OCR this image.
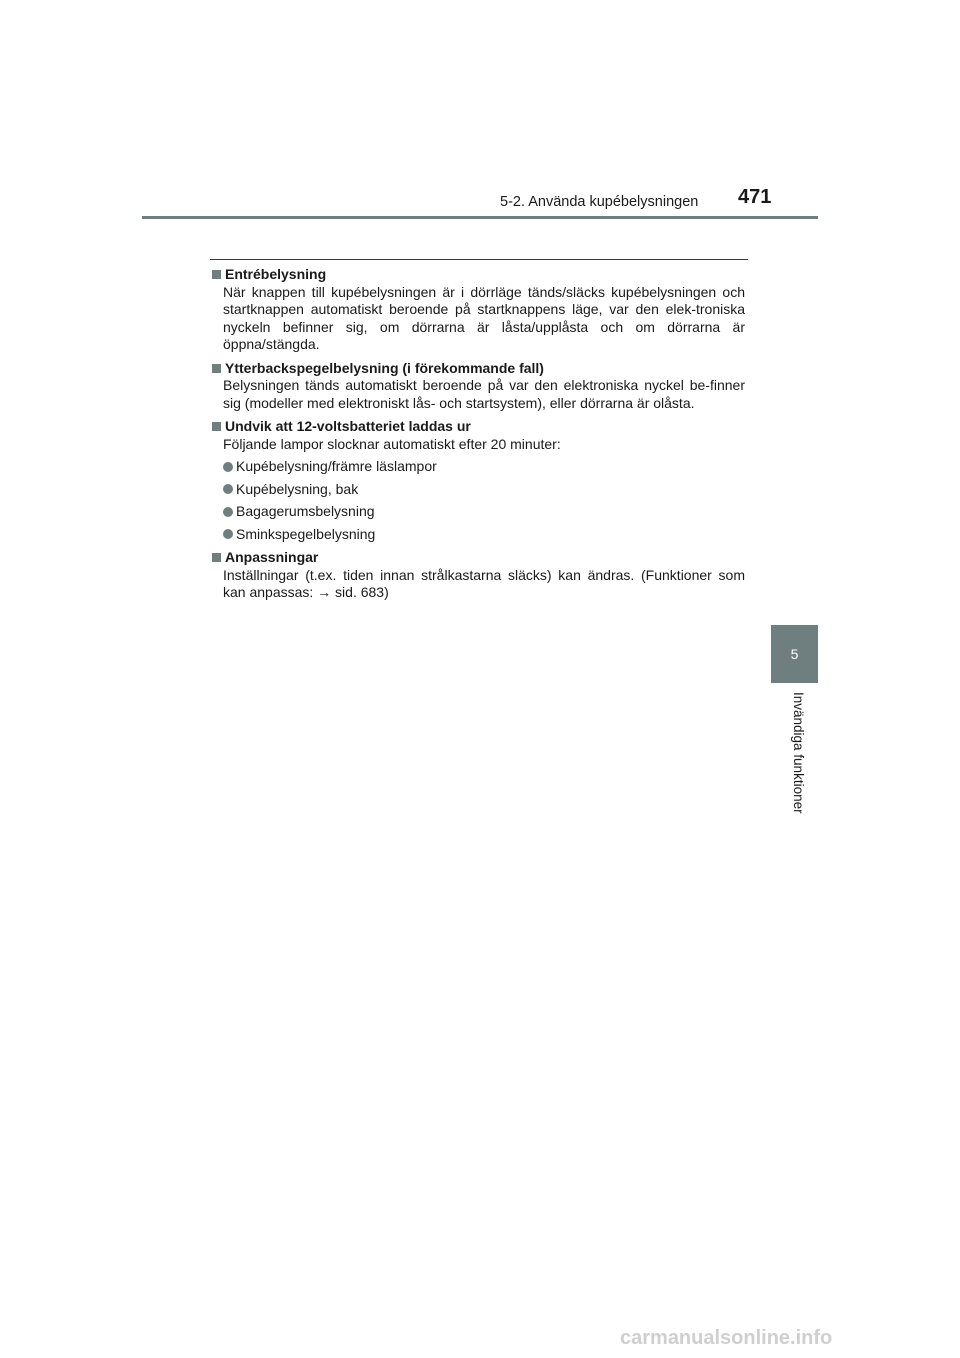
5-2. Använda kupébelysningen 471
Entrébelysning
När knappen till kupébelysningen är i dörrläge tänds/släcks kupébelysningen och startknappen automatiskt beroende på startknappens läge, var den elek-troniska nyckeln befinner sig, om dörrarna är låsta/upplåsta och om dörrarna är öppna/stängda.
Ytterbackspegelbelysning (i förekommande fall)
Belysningen tänds automatiskt beroende på var den elektroniska nyckel be-finner sig (modeller med elektroniskt lås- och startsystem), eller dörrarna är olåsta.
Undvik att 12-voltsbatteriet laddas ur
Följande lampor slocknar automatiskt efter 20 minuter:
Kupébelysning/främre läslampor
Kupébelysning, bak
Bagagerumsbelysning
Sminkspegelbelysning
Anpassningar
Inställningar (t.ex. tiden innan strålkastarna släcks) kan ändras. (Funktioner som kan anpassas: → sid. 683)
5
Invändiga funktioner
carmanualsonline.info
